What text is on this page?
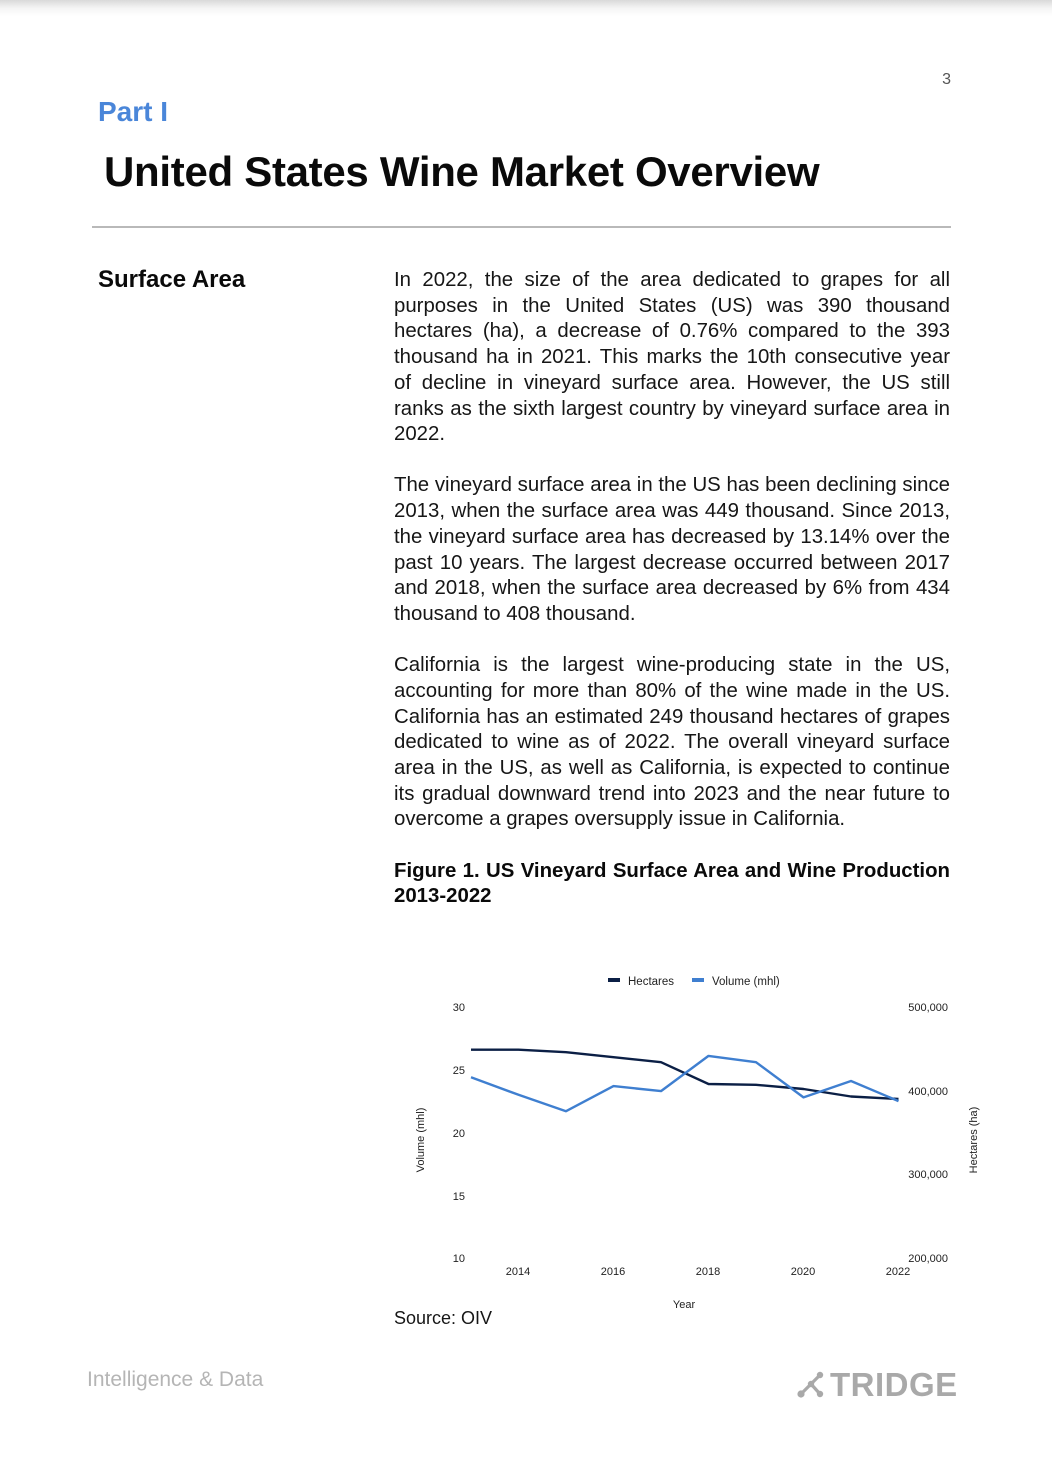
3
Part I
United States Wine Market Overview
Surface Area	In 2022, the size of the area dedicated to grapes for all purposes in the United States (US) was 390 thousand hectares (ha), a decrease of 0.76% compared to the 393 thousand ha in 2021. This marks the 10th consecutive year of decline in vineyard surface area. However, the US still ranks as the sixth largest country by vineyard surface area in 2022.

The vineyard surface area in the US has been declining since 2013, when the surface area was 449 thousand. Since 2013, the vineyard surface area has decreased by 13.14% over the past 10 years. The largest decrease occurred between 2017 and 2018, when the surface area decreased by 6% from 434 thousand to 408 thousand.

California is the largest wine-producing state in the US, accounting for more than 80% of the wine made in the US. California has an estimated 249 thousand hectares of grapes dedicated to wine as of 2022. The overall vineyard surface area in the US, as well as California, is expected to continue its gradual downward trend into 2023 and the near future to overcome a grapes oversupply issue in California.

Figure 1. US Vineyard Surface Area and Wine Production 2013-2022

Hectares	Volume (mhl)
30
25
20
15
10
500,000
400,000
300,000
200,000
2014	2016	2018	2020	2022
Year
Volume (mhl)	Hectares (ha)
Source: OIV
Intelligence & Data	TRIDGE
